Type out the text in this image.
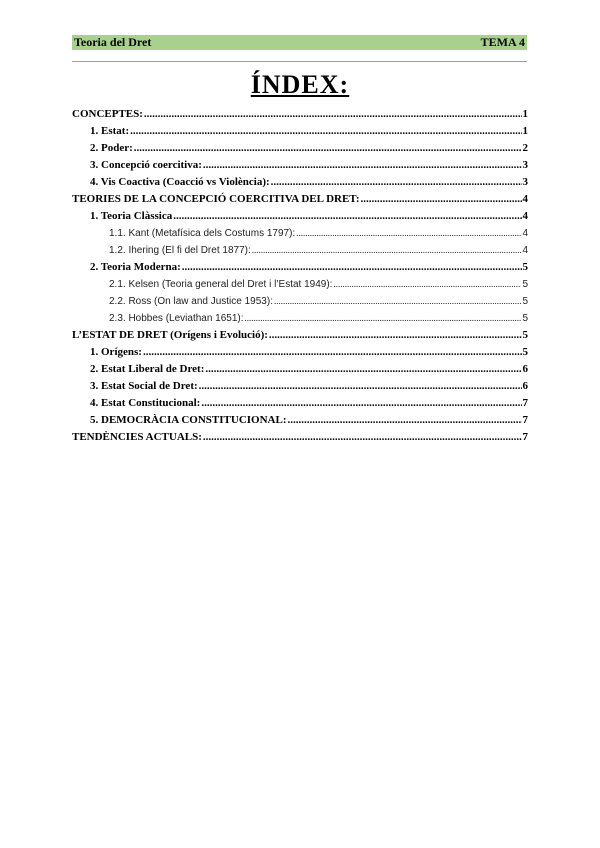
Teoria del Dret	TEMA 4
ÍNDEX:
CONCEPTES: .....	1
1. Estat: .....	1
2. Poder: .....	2
3. Concepció coercitiva: .....	3
4. Vis Coactiva (Coacció vs Violència): .....	3
TEORIES DE LA CONCEPCIÓ COERCITIVA DEL DRET: .....	4
1. Teoria Clàssica .....	4
1.1. Kant (Metafísica dels Costums 1797): .....	4
1.2. Ihering (El fi del Dret 1877): .....	4
2. Teoria Moderna: .....	5
2.1. Kelsen (Teoria general del Dret i l’Estat 1949): .....	5
2.2. Ross (On law and Justice 1953): .....	5
2.3. Hobbes (Leviathan 1651): .....	5
L’ESTAT DE DRET (Orígens i Evolució): .....	5
1. Orígens: .....	5
2. Estat Liberal de Dret: .....	6
3. Estat Social de Dret: .....	6
4. Estat Constitucional: .....	7
5. DEMOCRÀCIA CONSTITUCIONAL: .....	7
TENDÈNCIES ACTUALS: .....	7
